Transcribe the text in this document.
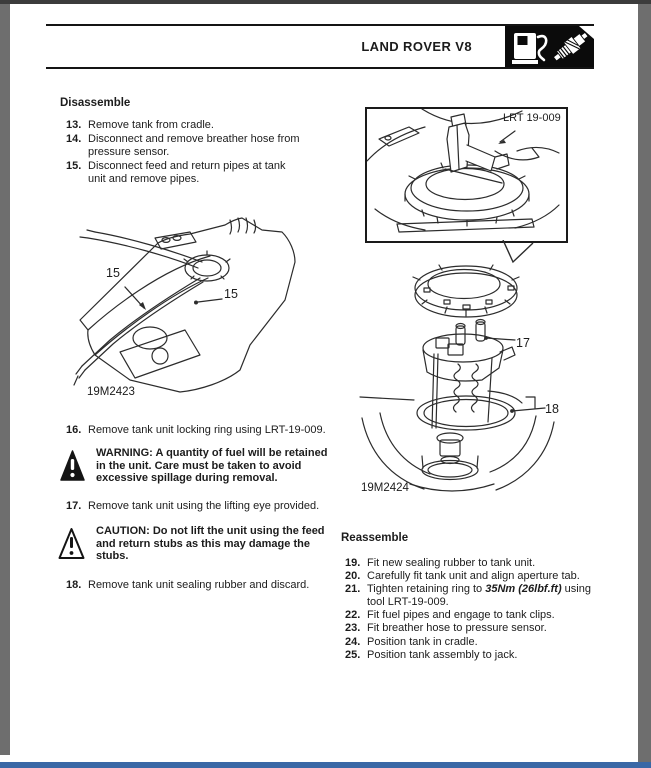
LAND ROVER V8
Disassemble
13. Remove tank from cradle.
14. Disconnect and remove breather hose from pressure sensor.
15. Disconnect feed and return pipes at tank unit and remove pipes.
15
15
19M2423
16. Remove tank unit locking ring using LRT-19-009.

WARNING: A quantity of fuel will be retained in the unit. Care must be taken to avoid excessive spillage during removal.

17. Remove tank unit using the lifting eye provided.

CAUTION: Do not lift the unit using the feed and return stubs as this may damage the stubs.

18. Remove tank unit sealing rubber and discard.
LRT 19-009
17
18
19M2424
Reassemble
19. Fit new sealing rubber to tank unit.
20. Carefully fit tank unit and align aperture tab.
21. Tighten retaining ring to 35Nm (26lbf.ft) using tool LRT-19-009.
22. Fit fuel pipes and engage to tank clips.
23. Fit breather hose to pressure sensor.
24. Position tank in cradle.
25. Position tank assembly to jack.
